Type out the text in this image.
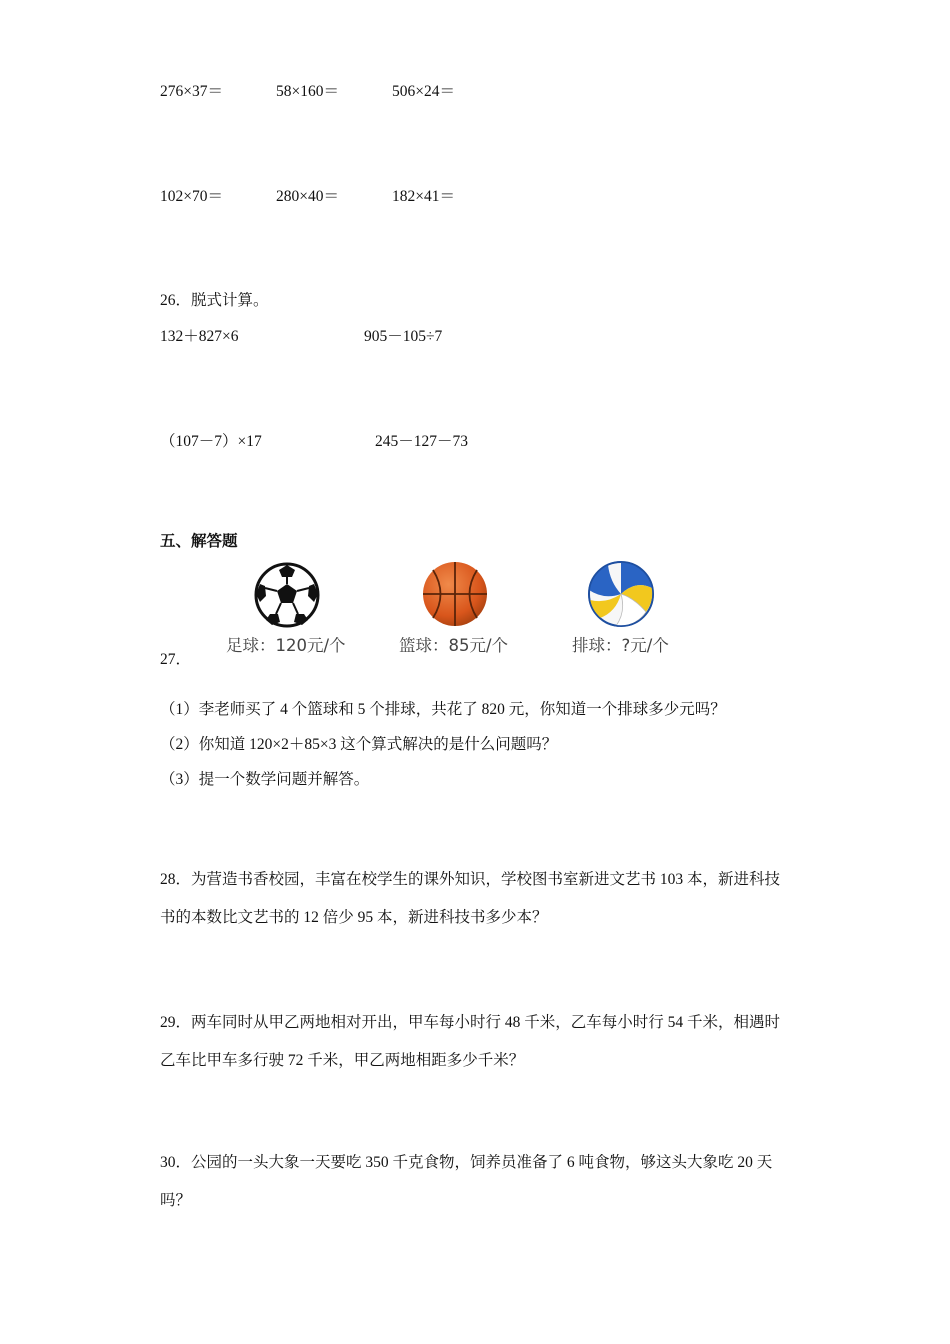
276×37＝	58×160＝	506×24＝
102×70＝	280×40＝	182×41＝
26．脱式计算。
132＋827×6	905－105÷7
（107－7）×17	245－127－73
五、解答题
足球：120元/个	篮球：85元/个	排球：?元/个
27．
（1）李老师买了 4 个篮球和 5 个排球，共花了 820 元，你知道一个排球多少元吗？
（2）你知道 120×2＋85×3 这个算式解决的是什么问题吗？
（3）提一个数学问题并解答。
28．为营造书香校园，丰富在校学生的课外知识，学校图书室新进文艺书 103 本，新进科技书的本数比文艺书的 12 倍少 95 本，新进科技书多少本？
29．两车同时从甲乙两地相对开出，甲车每小时行 48 千米，乙车每小时行 54 千米，相遇时乙车比甲车多行驶 72 千米，甲乙两地相距多少千米？
30．公园的一头大象一天要吃 350 千克食物，饲养员准备了 6 吨食物，够这头大象吃 20 天吗？
